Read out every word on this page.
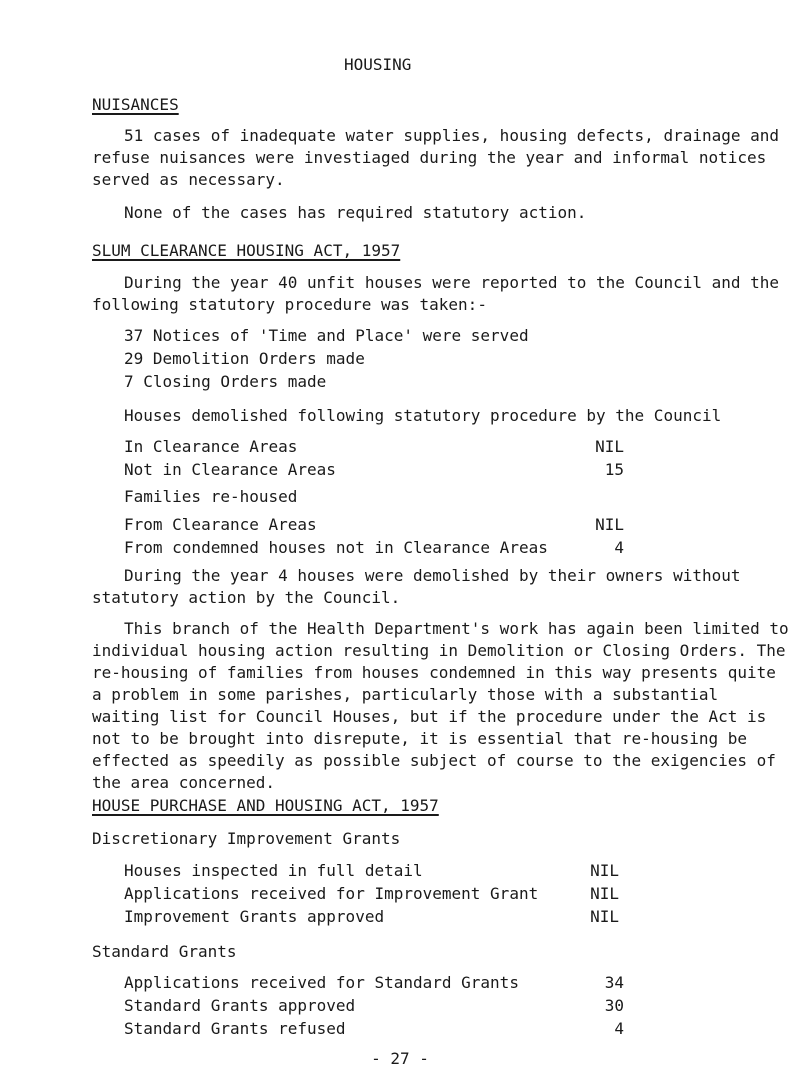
HOUSING
NUISANCES
51 cases of inadequate water supplies, housing defects, drainage and refuse nuisances were investiaged during the year and informal notices served as necessary.
None of the cases has required statutory action.
SLUM CLEARANCE HOUSING ACT, 1957
During the year 40 unfit houses were reported to the Council and the following statutory procedure was taken:-
37 Notices of 'Time and Place' were served
29 Demolition Orders made
7 Closing Orders made
Houses demolished following statutory procedure by the Council
In Clearance Areas	NIL
Not in Clearance Areas	15
Families re-housed
From Clearance Areas	NIL
From condemned houses not in Clearance Areas	4
During the year 4 houses were demolished by their owners without statutory action by the Council.
This branch of the Health Department's work has again been limited to individual housing action resulting in Demolition or Closing Orders. The re-housing of families from houses condemned in this way presents quite a problem in some parishes, particularly those with a substantial waiting list for Council Houses, but if the procedure under the Act is not to be brought into disrepute, it is essential that re-housing be effected as speedily as possible subject of course to the exigencies of the area concerned.
HOUSE PURCHASE AND HOUSING ACT, 1957
Discretionary Improvement Grants
Houses inspected in full detail	NIL
Applications received for Improvement Grant	NIL
Improvement Grants approved	NIL
Standard Grants
Applications received for Standard Grants	34
Standard Grants approved	30
Standard Grants refused	4
- 27 -
